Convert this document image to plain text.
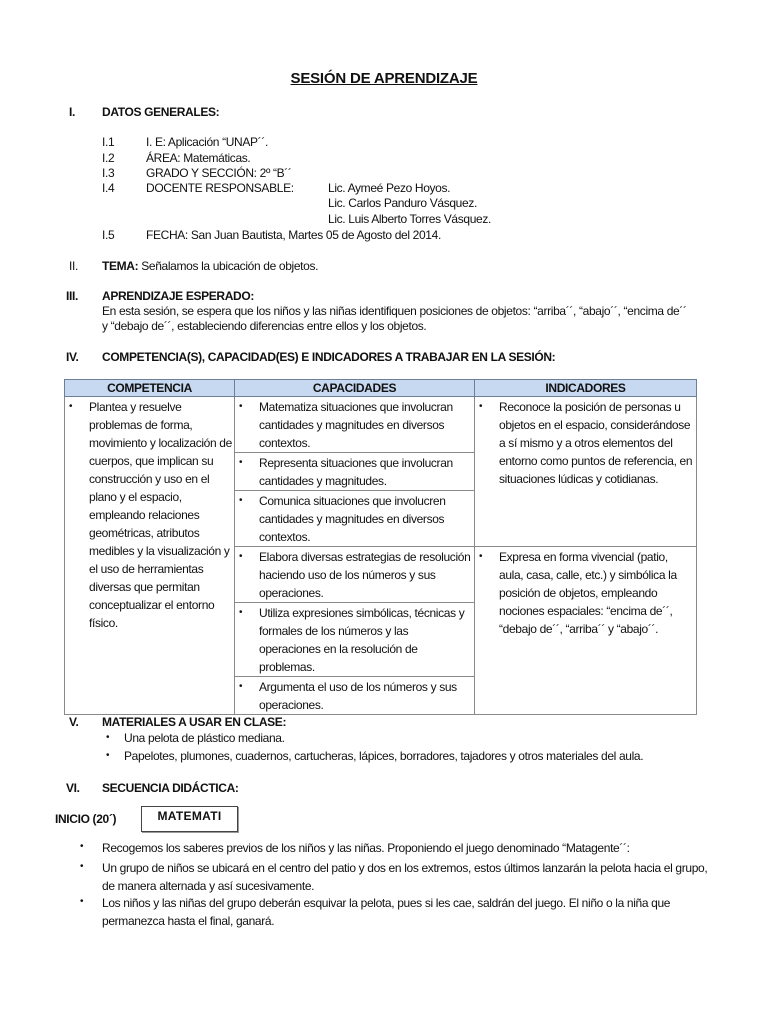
SESIÓN DE APRENDIZAJE
I. DATOS GENERALES:
I.1	I. E: Aplicación “UNAP´´.
I.2	ÁREA: Matemáticas.
I.3	GRADO Y SECCIÓN: 2º “B´´
I.4	DOCENTE RESPONSABLE:	Lic. Aymeé Pezo Hoyos.
Lic. Carlos Panduro Vásquez.
Lic. Luis Alberto Torres Vásquez.
I.5	FECHA: San Juan Bautista, Martes 05 de Agosto del 2014.
II. TEMA: Señalamos la ubicación de objetos.
III. APRENDIZAJE ESPERADO:
En esta sesión, se espera que los niños y las niñas identifiquen posiciones de objetos: “arriba´´, “abajo´´, “encima de´´
y “debajo de´´, estableciendo diferencias entre ellos y los objetos.
IV. COMPETENCIA(S), CAPACIDAD(ES) E INDICADORES A TRABAJAR EN LA SESIÓN:
COMPETENCIA	CAPACIDADES	INDICADORES

• Plantea y resuelve problemas de forma, movimiento y localización de cuerpos, que implican su construcción y uso en el plano y el espacio, empleando relaciones geométricas, atributos medibles y la visualización y el uso de herramientas diversas que permitan conceptualizar el entorno físico.	• Matematiza situaciones que involucran cantidades y magnitudes en diversos contextos.	• Reconoce la posición de personas u objetos en el espacio, considerándose a sí mismo y a otros elementos del entorno como puntos de referencia, en situaciones lúdicas y cotidianas.

	• Representa situaciones que involucran cantidades y magnitudes.	

	• Comunica situaciones que involucren cantidades y magnitudes en diversos contextos.	

	• Elabora diversas estrategias de resolución haciendo uso de los números y sus operaciones.	• Expresa en forma vivencial (patio, aula, casa, calle, etc.) y simbólica la posición de objetos, empleando nociones espaciales: “encima de´´, “debajo de´´, “arriba´´ y “abajo´´.

	• Utiliza expresiones simbólicas, técnicas y formales de los números y las operaciones en la resolución de problemas.	

	• Argumenta el uso de los números y sus operaciones.	
V. MATERIALES A USAR EN CLASE:
• Una pelota de plástico mediana.
• Papelotes, plumones, cuadernos, cartucheras, lápices, borradores, tajadores y otros materiales del aula.
VI. SECUENCIA DIDÁCTICA:
INICIO (20´)	MATEMATI
• Recogemos los saberes previos de los niños y las niñas. Proponiendo el juego denominado “Matagente´´:
• Un grupo de niños se ubicará en el centro del patio y dos en los extremos, estos últimos lanzarán la pelota hacia el grupo, de manera alternada y así sucesivamente.
• Los niños y las niñas del grupo deberán esquivar la pelota, pues si les cae, saldrán del juego. El niño o la niña que permanezca hasta el final, ganará.
